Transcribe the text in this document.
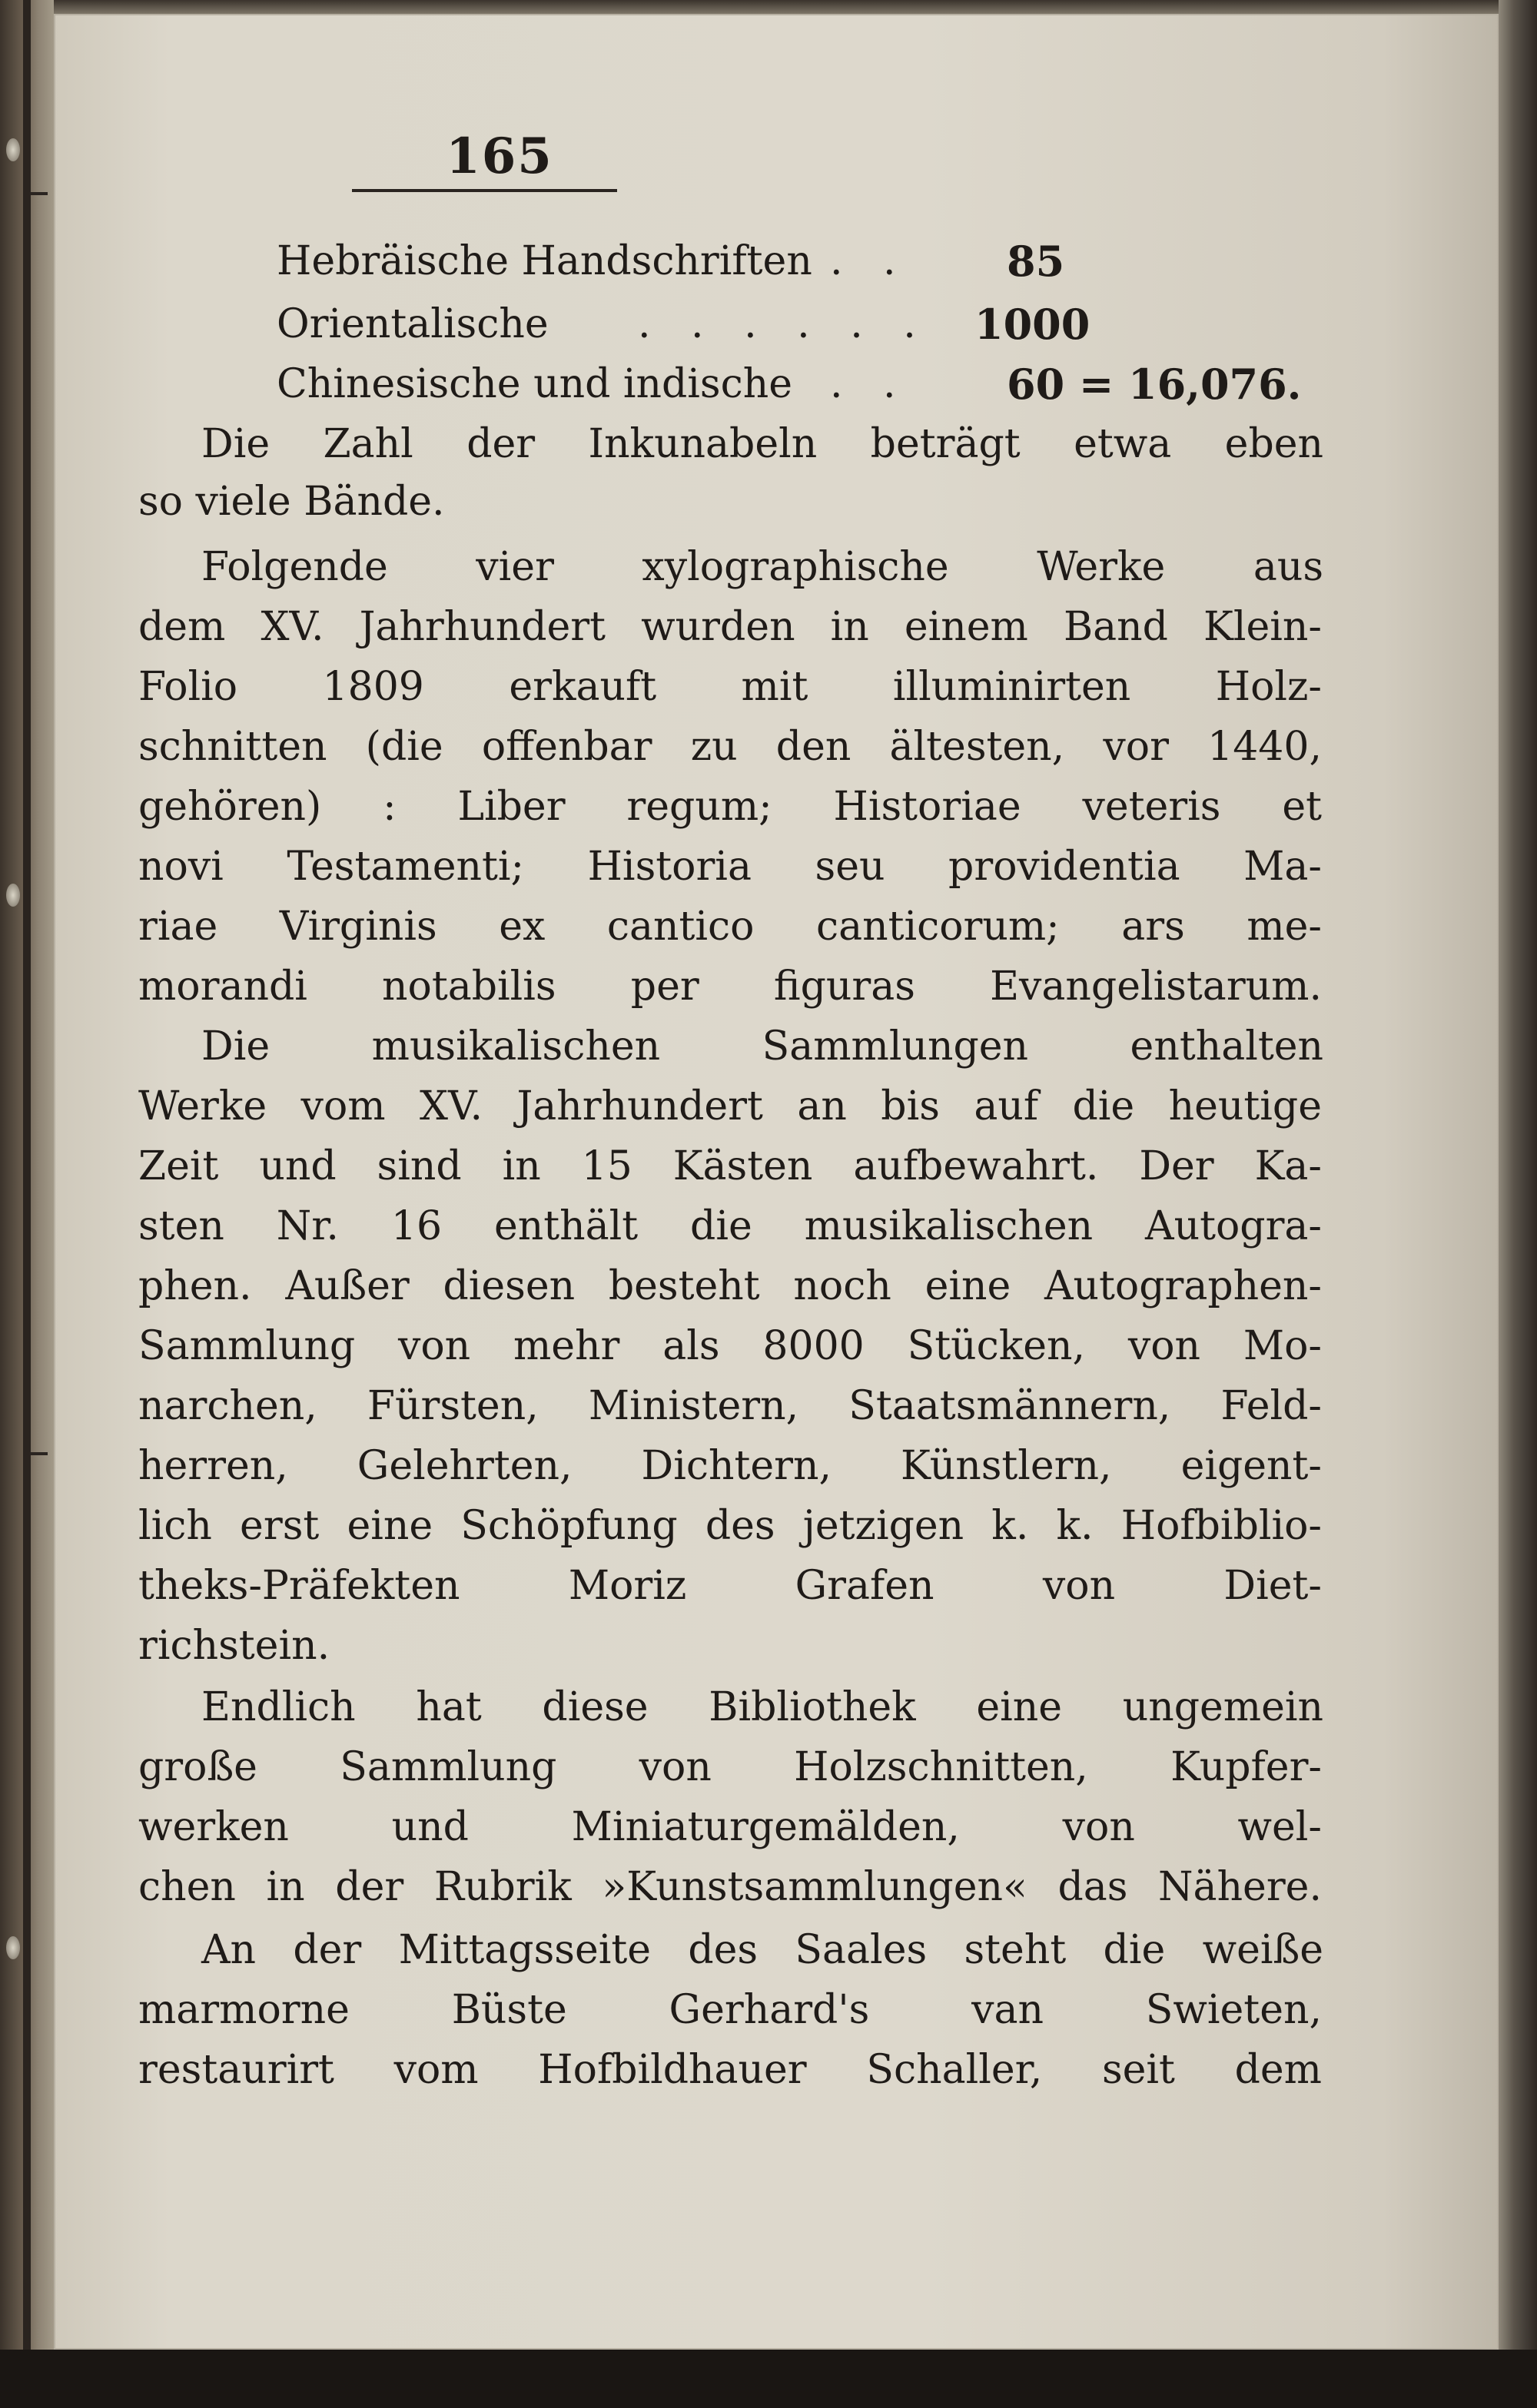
165
Hebräische Handschriften . . 85
Orientalische . . . . . . 1000
Chinesische und indische . . 60 = 16,076.
Die Zahl der Inkunabeln beträgt etwa eben
so viele Bände.
Folgende vier xylographische Werke aus
dem XV. Jahrhundert wurden in einem Band Klein-
Folio 1809 erkauft mit illuminirten Holz-
schnitten (die offenbar zu den ältesten, vor 1440,
gehören) : Liber regum; Historiae veteris et
novi Testamenti; Historia seu providentia Ma-
riae Virginis ex cantico canticorum; ars me-
morandi notabilis per figuras Evangelistarum.
Die musikalischen Sammlungen enthalten
Werke vom XV. Jahrhundert an bis auf die heutige
Zeit und sind in 15 Kästen aufbewahrt. Der Ka-
sten Nr. 16 enthält die musikalischen Autogra-
phen. Außer diesen besteht noch eine Autographen-
Sammlung von mehr als 8000 Stücken, von Mo-
narchen, Fürsten, Ministern, Staatsmännern, Feld-
herren, Gelehrten, Dichtern, Künstlern, eigent-
lich erst eine Schöpfung des jetzigen k. k. Hofbiblio-
theks-Präfekten Moriz Grafen von Diet-
richstein.
Endlich hat diese Bibliothek eine ungemein
große Sammlung von Holzschnitten, Kupfer-
werken und Miniaturgemälden, von wel-
chen in der Rubrik »Kunstsammlungen« das Nähere.
An der Mittagsseite des Saales steht die weiße
marmorne Büste Gerhard's van Swieten,
restaurirt vom Hofbildhauer Schaller, seit dem
